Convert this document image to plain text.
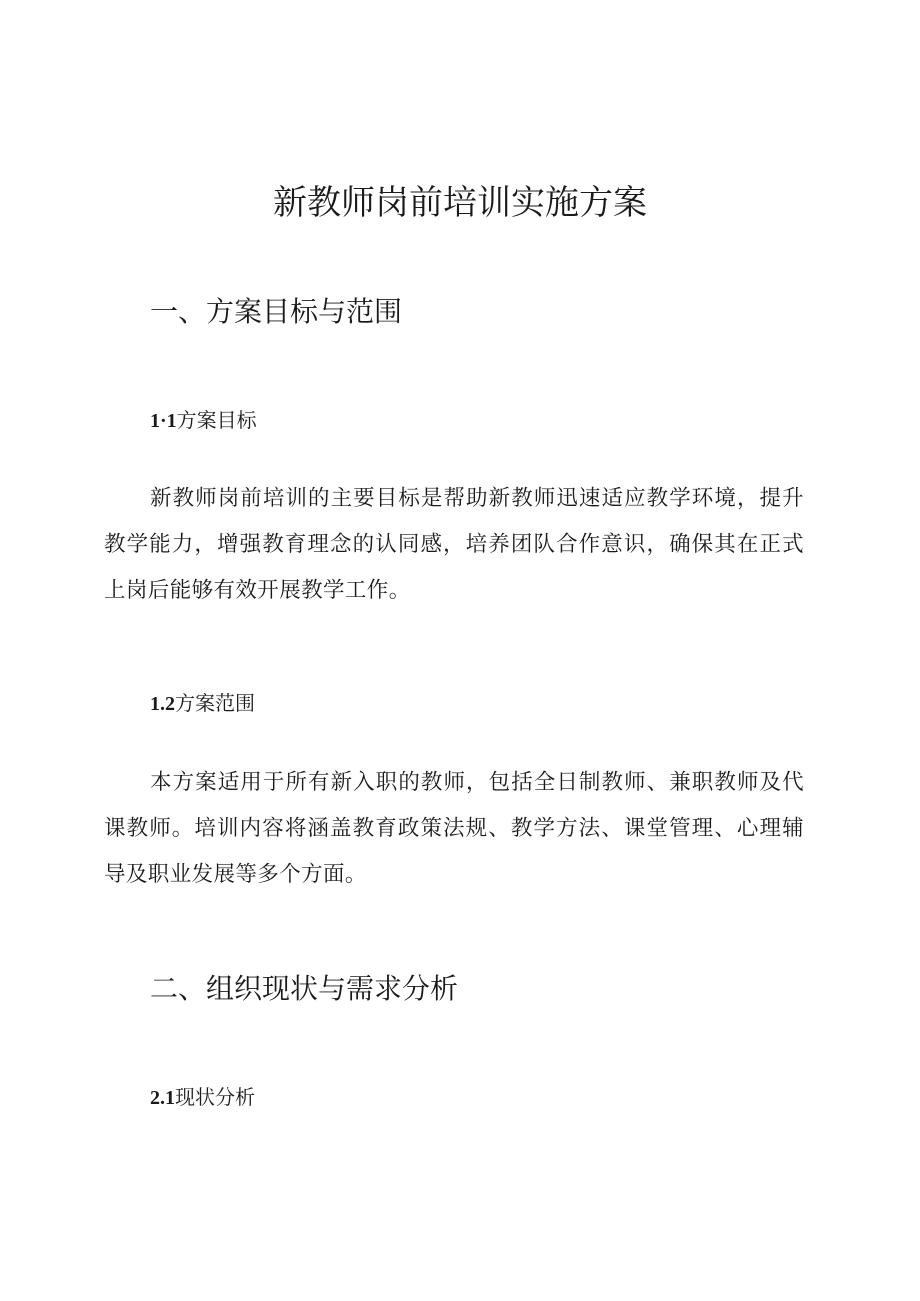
新教师岗前培训实施方案
一、方案目标与范围
1·1方案目标

新教师岗前培训的主要目标是帮助新教师迅速适应教学环境，提升教学能力，增强教育理念的认同感，培养团队合作意识，确保其在正式上岗后能够有效开展教学工作。

1.2方案范围

本方案适用于所有新入职的教师，包括全日制教师、兼职教师及代课教师。培训内容将涵盖教育政策法规、教学方法、课堂管理、心理辅导及职业发展等多个方面。

二、组织现状与需求分析
2.1现状分析
